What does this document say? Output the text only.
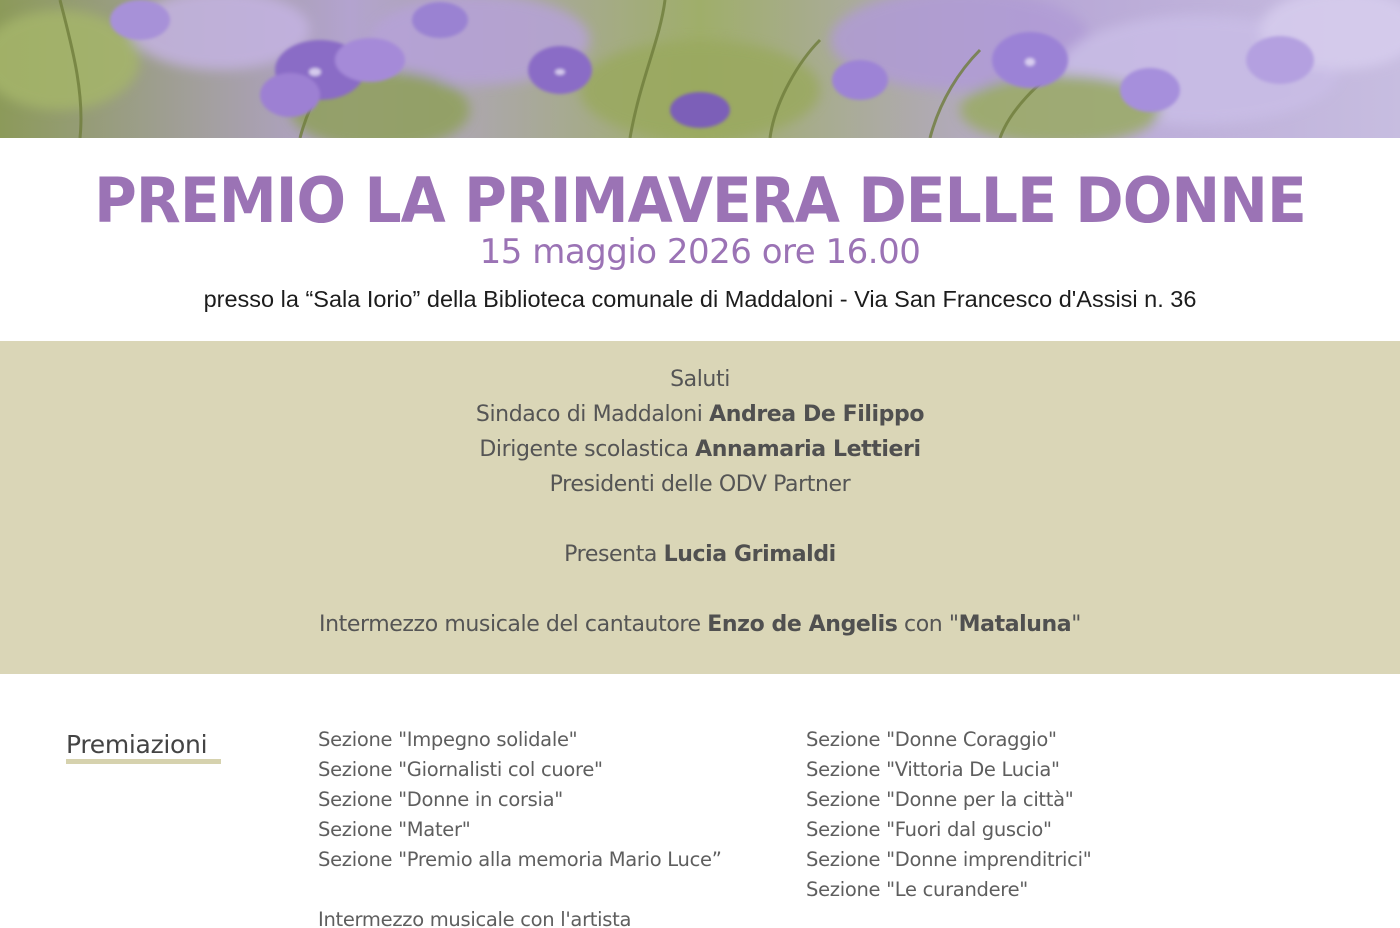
PREMIO LA PRIMAVERA DELLE DONNE
15 maggio 2026 ore 16.00
presso la “Sala Iorio” della Biblioteca comunale di Maddaloni - Via San Francesco d'Assisi n. 36
Saluti
Sindaco di Maddaloni Andrea De Filippo
Dirigente scolastica Annamaria Lettieri
Presidenti delle ODV Partner
Presenta Lucia Grimaldi
Intermezzo musicale del cantautore Enzo de Angelis con "Mataluna"
Premiazioni	Sezione "Impegno solidale"
Sezione "Giornalisti col cuore"
Sezione "Donne in corsia"
Sezione "Mater"
Sezione "Premio alla memoria Mario Luce”
Sezione "Donne Coraggio"
Sezione "Vittoria De Lucia"
Sezione "Donne per la città"
Sezione "Fuori dal guscio"
Sezione "Donne imprenditrici"
Sezione "Le curandere"
Intermezzo musicale con l'artista
